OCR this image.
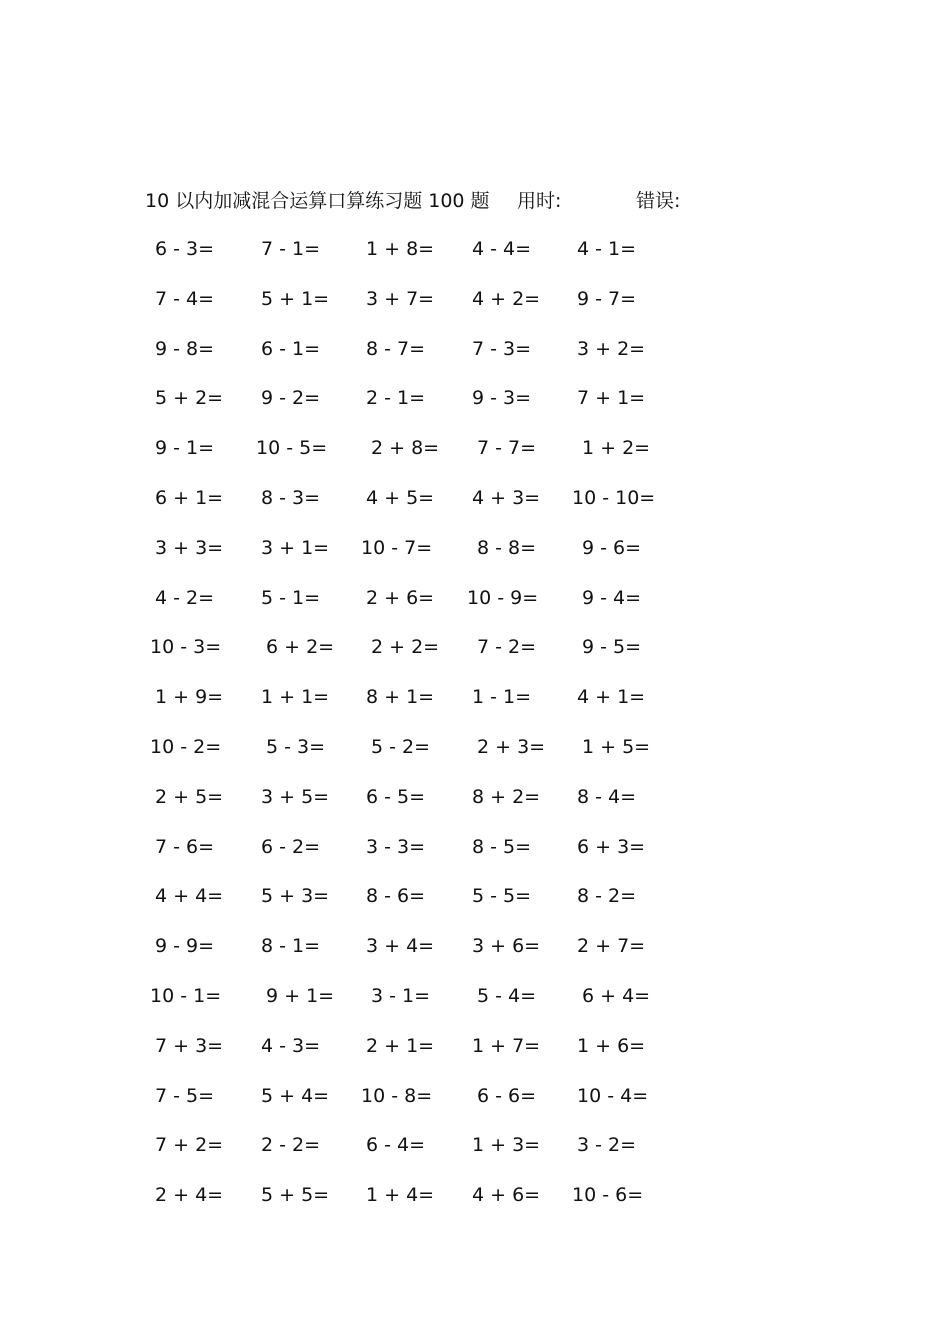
10 以内加减混合运算口算练习题 100 题 用时:	错误:
6 - 3=	7 - 1=	1 + 8=	4 - 4=	4 - 1=
7 - 4=	5 + 1=	3 + 7=	4 + 2=	9 - 7=
9 - 8=	6 - 1=	8 - 7=	7 - 3=	3 + 2=
5 + 2=	9 - 2=	2 - 1=	9 - 3=	7 + 1=
9 - 1=	10 - 5=	2 + 8=	7 - 7=	1 + 2=
6 + 1=	8 - 3=	4 + 5=	4 + 3=	10 - 10=
3 + 3=	3 + 1=	10 - 7=	8 - 8=	9 - 6=
4 - 2=	5 - 1=	2 + 6=	10 - 9=	9 - 4=
10 - 3=	6 + 2=	2 + 2=	7 - 2=	9 - 5=
1 + 9=	1 + 1=	8 + 1=	1 - 1=	4 + 1=
10 - 2=	5 - 3=	5 - 2=	2 + 3=	1 + 5=
2 + 5=	3 + 5=	6 - 5=	8 + 2=	8 - 4=
7 - 6=	6 - 2=	3 - 3=	8 - 5=	6 + 3=
4 + 4=	5 + 3=	8 - 6=	5 - 5=	8 - 2=
9 - 9=	8 - 1=	3 + 4=	3 + 6=	2 + 7=
10 - 1=	9 + 1=	3 - 1=	5 - 4=	6 + 4=
7 + 3=	4 - 3=	2 + 1=	1 + 7=	1 + 6=
7 - 5=	5 + 4=	10 - 8=	6 - 6=	10 - 4=
7 + 2=	2 - 2=	6 - 4=	1 + 3=	3 - 2=
2 + 4=	5 + 5=	1 + 4=	4 + 6=	10 - 6=
